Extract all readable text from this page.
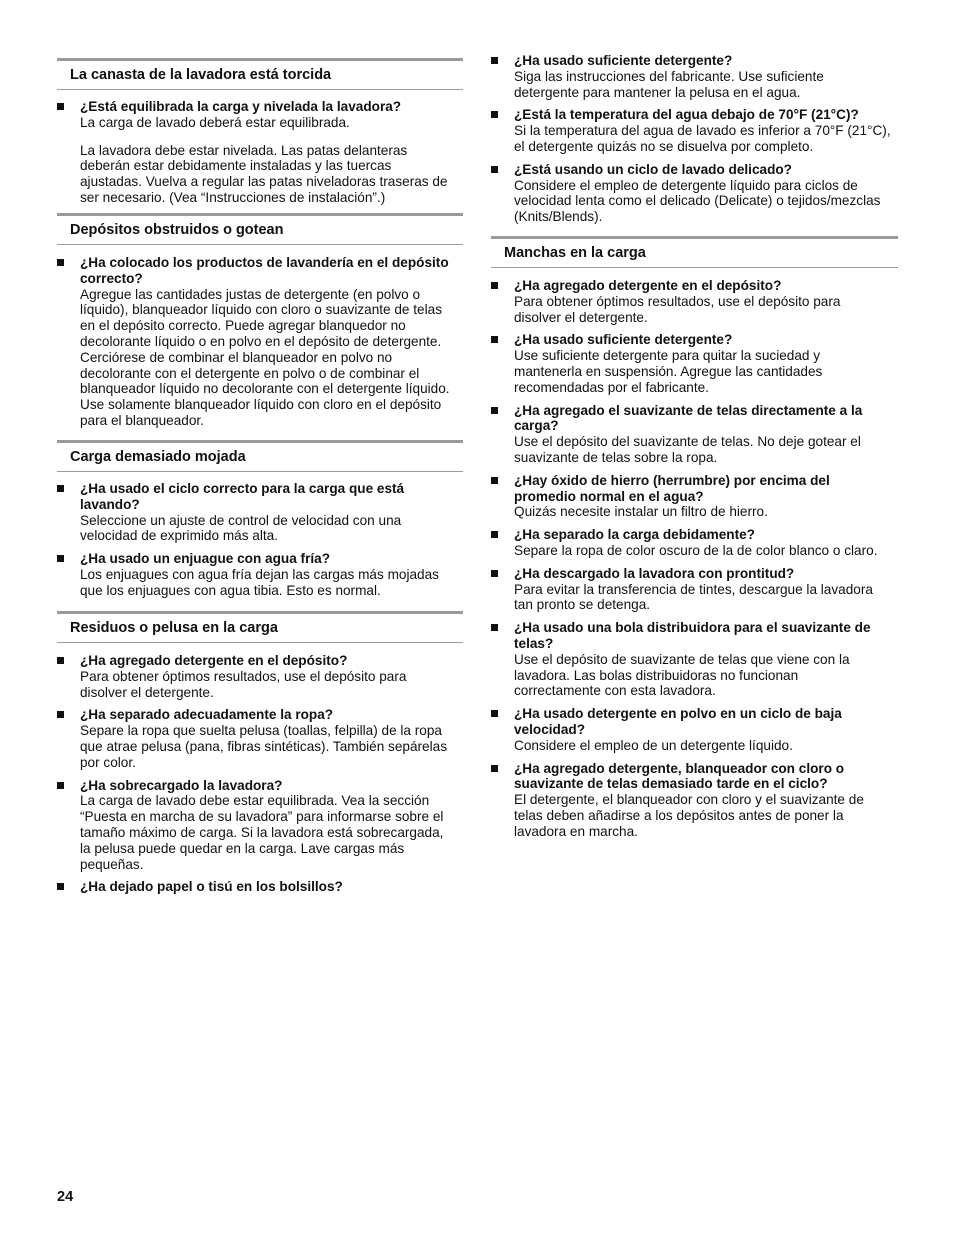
La canasta de la lavadora está torcida
¿Está equilibrada la carga y nivelada la lavadora?
La carga de lavado deberá estar equilibrada.
La lavadora debe estar nivelada. Las patas delanteras
deberán estar debidamente instaladas y las tuercas
ajustadas. Vuelva a regular las patas niveladoras traseras de
ser necesario. (Vea “Instrucciones de instalación”.)
Depósitos obstruidos o gotean
¿Ha colocado los productos de lavandería en el depósito
correcto?
Agregue las cantidades justas de detergente (en polvo o
líquido), blanqueador líquido con cloro o suavizante de telas
en el depósito correcto. Puede agregar blanquedor no
decolorante líquido o en polvo en el depósito de detergente.
Cerciórese de combinar el blanqueador en polvo no
decolorante con el detergente en polvo o de combinar el
blanqueador líquido no decolorante con el detergente líquido.
Use solamente blanqueador líquido con cloro en el depósito
para el blanqueador.
Carga demasiado mojada
¿Ha usado el ciclo correcto para la carga que está
lavando?
Seleccione un ajuste de control de velocidad con una
velocidad de exprimido más alta.
¿Ha usado un enjuague con agua fría?
Los enjuagues con agua fría dejan las cargas más mojadas
que los enjuagues con agua tibia. Esto es normal.
Residuos o pelusa en la carga
¿Ha agregado detergente en el depósito?
Para obtener óptimos resultados, use el depósito para
disolver el detergente.
¿Ha separado adecuadamente la ropa?
Separe la ropa que suelta pelusa (toallas, felpilla) de la ropa
que atrae pelusa (pana, fibras sintéticas). También sepárelas
por color.
¿Ha sobrecargado la lavadora?
La carga de lavado debe estar equilibrada. Vea la sección
“Puesta en marcha de su lavadora” para informarse sobre el
tamaño máximo de carga. Si la lavadora está sobrecargada,
la pelusa puede quedar en la carga. Lave cargas más
pequeñas.
¿Ha dejado papel o tisú en los bolsillos?
¿Ha usado suficiente detergente?
Siga las instrucciones del fabricante. Use suficiente
detergente para mantener la pelusa en el agua.
¿Está la temperatura del agua debajo de 70°F (21°C)?
Si la temperatura del agua de lavado es inferior a 70°F (21°C),
el detergente quizás no se disuelva por completo.
¿Está usando un ciclo de lavado delicado?
Considere el empleo de detergente líquido para ciclos de
velocidad lenta como el delicado (Delicate) o tejidos/mezclas
(Knits/Blends).
Manchas en la carga
¿Ha agregado detergente en el depósito?
Para obtener óptimos resultados, use el depósito para
disolver el detergente.
¿Ha usado suficiente detergente?
Use suficiente detergente para quitar la suciedad y
mantenerla en suspensión. Agregue las cantidades
recomendadas por el fabricante.
¿Ha agregado el suavizante de telas directamente a la
carga?
Use el depósito del suavizante de telas. No deje gotear el
suavizante de telas sobre la ropa.
¿Hay óxido de hierro (herrumbre) por encima del
promedio normal en el agua?
Quizás necesite instalar un filtro de hierro.
¿Ha separado la carga debidamente?
Separe la ropa de color oscuro de la de color blanco o claro.
¿Ha descargado la lavadora con prontitud?
Para evitar la transferencia de tintes, descargue la lavadora
tan pronto se detenga.
¿Ha usado una bola distribuidora para el suavizante de
telas?
Use el depósito de suavizante de telas que viene con la
lavadora. Las bolas distribuidoras no funcionan
correctamente con esta lavadora.
¿Ha usado detergente en polvo en un ciclo de baja
velocidad?
Considere el empleo de un detergente líquido.
¿Ha agregado detergente, blanqueador con cloro o
suavizante de telas demasiado tarde en el ciclo?
El detergente, el blanqueador con cloro y el suavizante de
telas deben añadirse a los depósitos antes de poner la
lavadora en marcha.
24
